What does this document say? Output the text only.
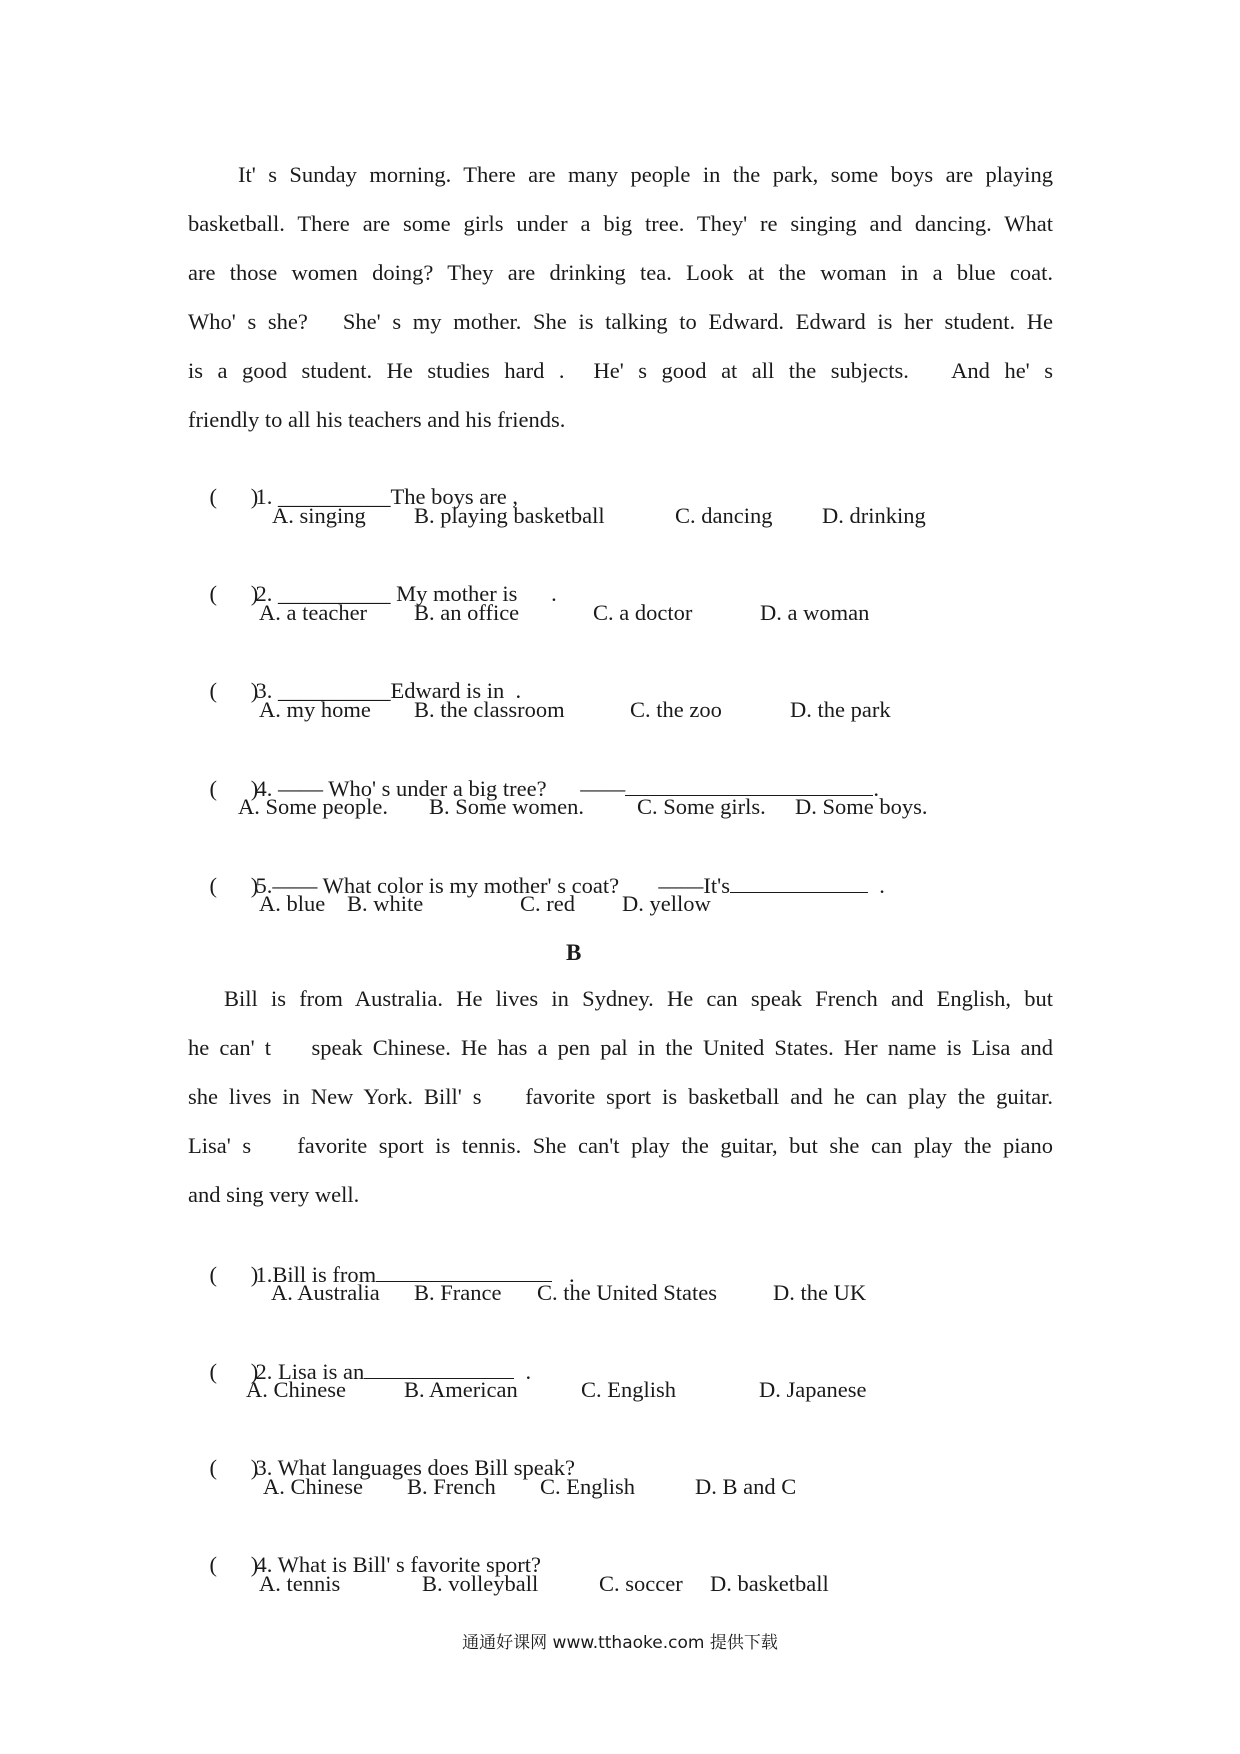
It' s Sunday morning. There are many people in the park, some boys are playing
basketball. There are some girls under a big tree. They' re singing and dancing. What
are those women doing? They are drinking tea. Look at the woman in a blue coat.
Who' s she?   She' s my mother. She is talking to Edward. Edward is her student. He
is a good student. He studies hard .  He' s good at all the subjects.   And he' s
friendly to all his teachers and his friends.

(      )1. __________The boys are ,

A. singing B. playing basketball	C. dancing D. drinking

(      )2. __________ My mother is      .

A. a teacher B. an office	C. a doctor	D. a woman

(      )3. __________Edward is in  .

A. my home B. the classroom	C. the zoo	D. the park

(      )4. —— Who' s under a big tree?      ——	.

A. Some people. B. Some women. C. Some girls. D. Some boys.

(      )5.—— What color is my mother' s coat?       ——It's	.

A. blue B. white	C. red D. yellow
B
Bill is from Australia. He lives in Sydney. He can speak French and English, but
he can' t    speak Chinese. He has a pen pal in the United States. Her name is Lisa and
she lives in New York. Bill' s    favorite sport is basketball and he can play the guitar.
Lisa' s    favorite sport is tennis. She can't play the guitar, but she can play the piano
and sing very well.

(      )1.Bill is from	.

A. Australia B. France C. the United States D. the UK

(      )2. Lisa is an	.

A. Chinese	B. American	C. English	D. Japanese

(      )3. What languages does Bill speak?

A. Chinese B. French C. English	D. B and C

(      )4. What is Bill' s favorite sport?

A. tennis	B. volleyball	C. soccer D. basketball
通通好课网 www.tthaoke.com 提供下载
